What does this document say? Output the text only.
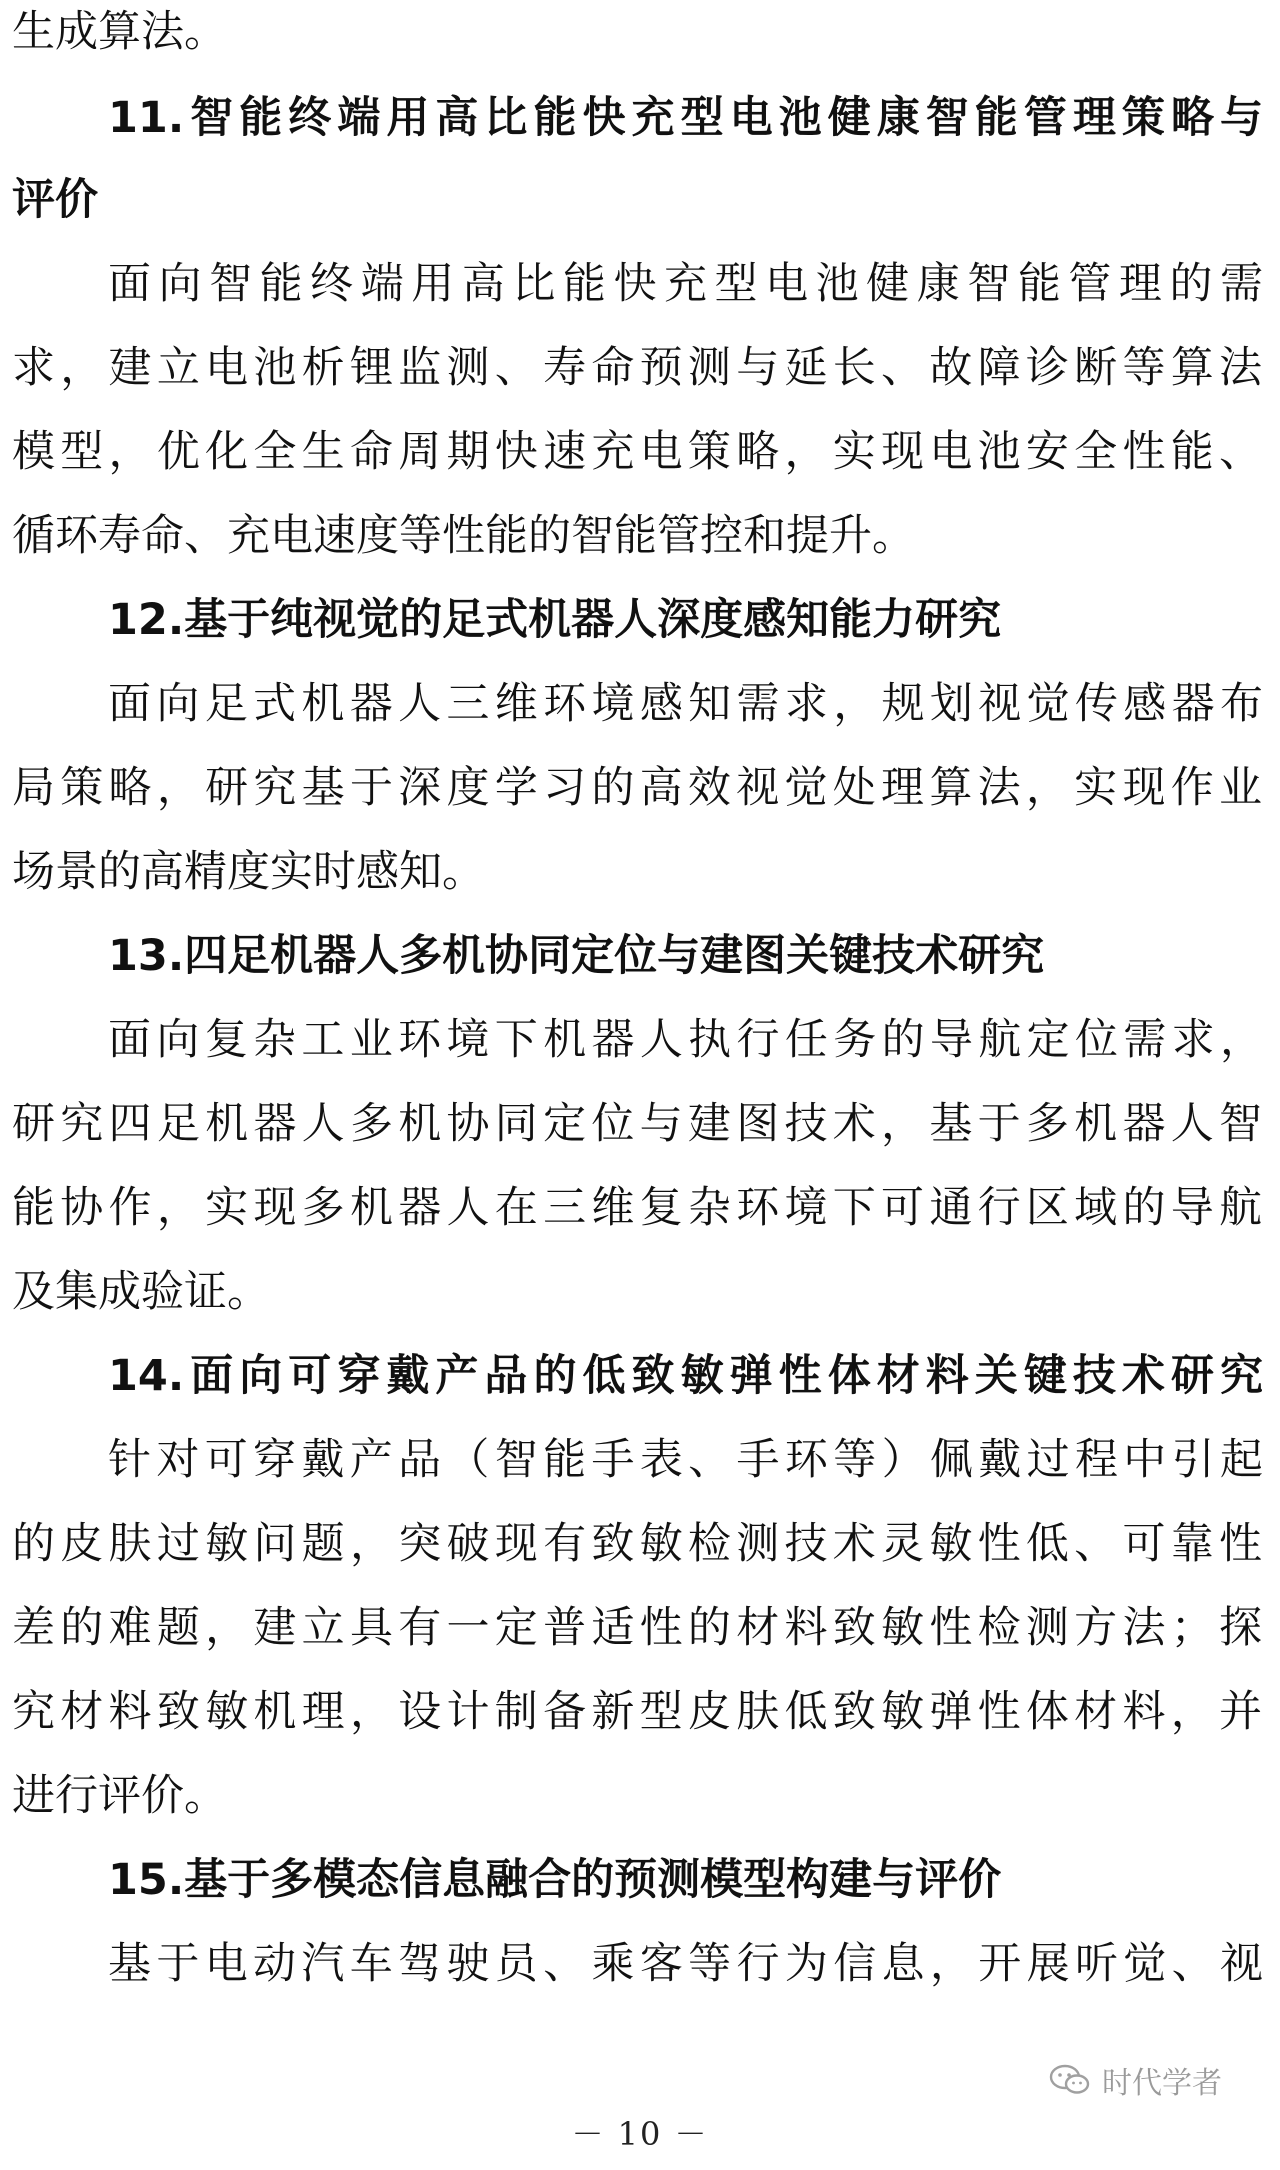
生成算法。
11.智能终端用高比能快充型电池健康智能管理策略与
评价
面向智能终端用高比能快充型电池健康智能管理的需
求，建立电池析锂监测、寿命预测与延长、故障诊断等算法
模型，优化全生命周期快速充电策略，实现电池安全性能、
循环寿命、充电速度等性能的智能管控和提升。
12.基于纯视觉的足式机器人深度感知能力研究
面向足式机器人三维环境感知需求，规划视觉传感器布
局策略，研究基于深度学习的高效视觉处理算法，实现作业
场景的高精度实时感知。
13.四足机器人多机协同定位与建图关键技术研究
面向复杂工业环境下机器人执行任务的导航定位需求，
研究四足机器人多机协同定位与建图技术，基于多机器人智
能协作，实现多机器人在三维复杂环境下可通行区域的导航
及集成验证。
14.面向可穿戴产品的低致敏弹性体材料关键技术研究
针对可穿戴产品（智能手表、手环等）佩戴过程中引起
的皮肤过敏问题，突破现有致敏检测技术灵敏性低、可靠性
差的难题，建立具有一定普适性的材料致敏性检测方法；探
究材料致敏机理，设计制备新型皮肤低致敏弹性体材料，并
进行评价。
15.基于多模态信息融合的预测模型构建与评价
基于电动汽车驾驶员、乘客等行为信息，开展听觉、视
时代学者
－ 10 －
